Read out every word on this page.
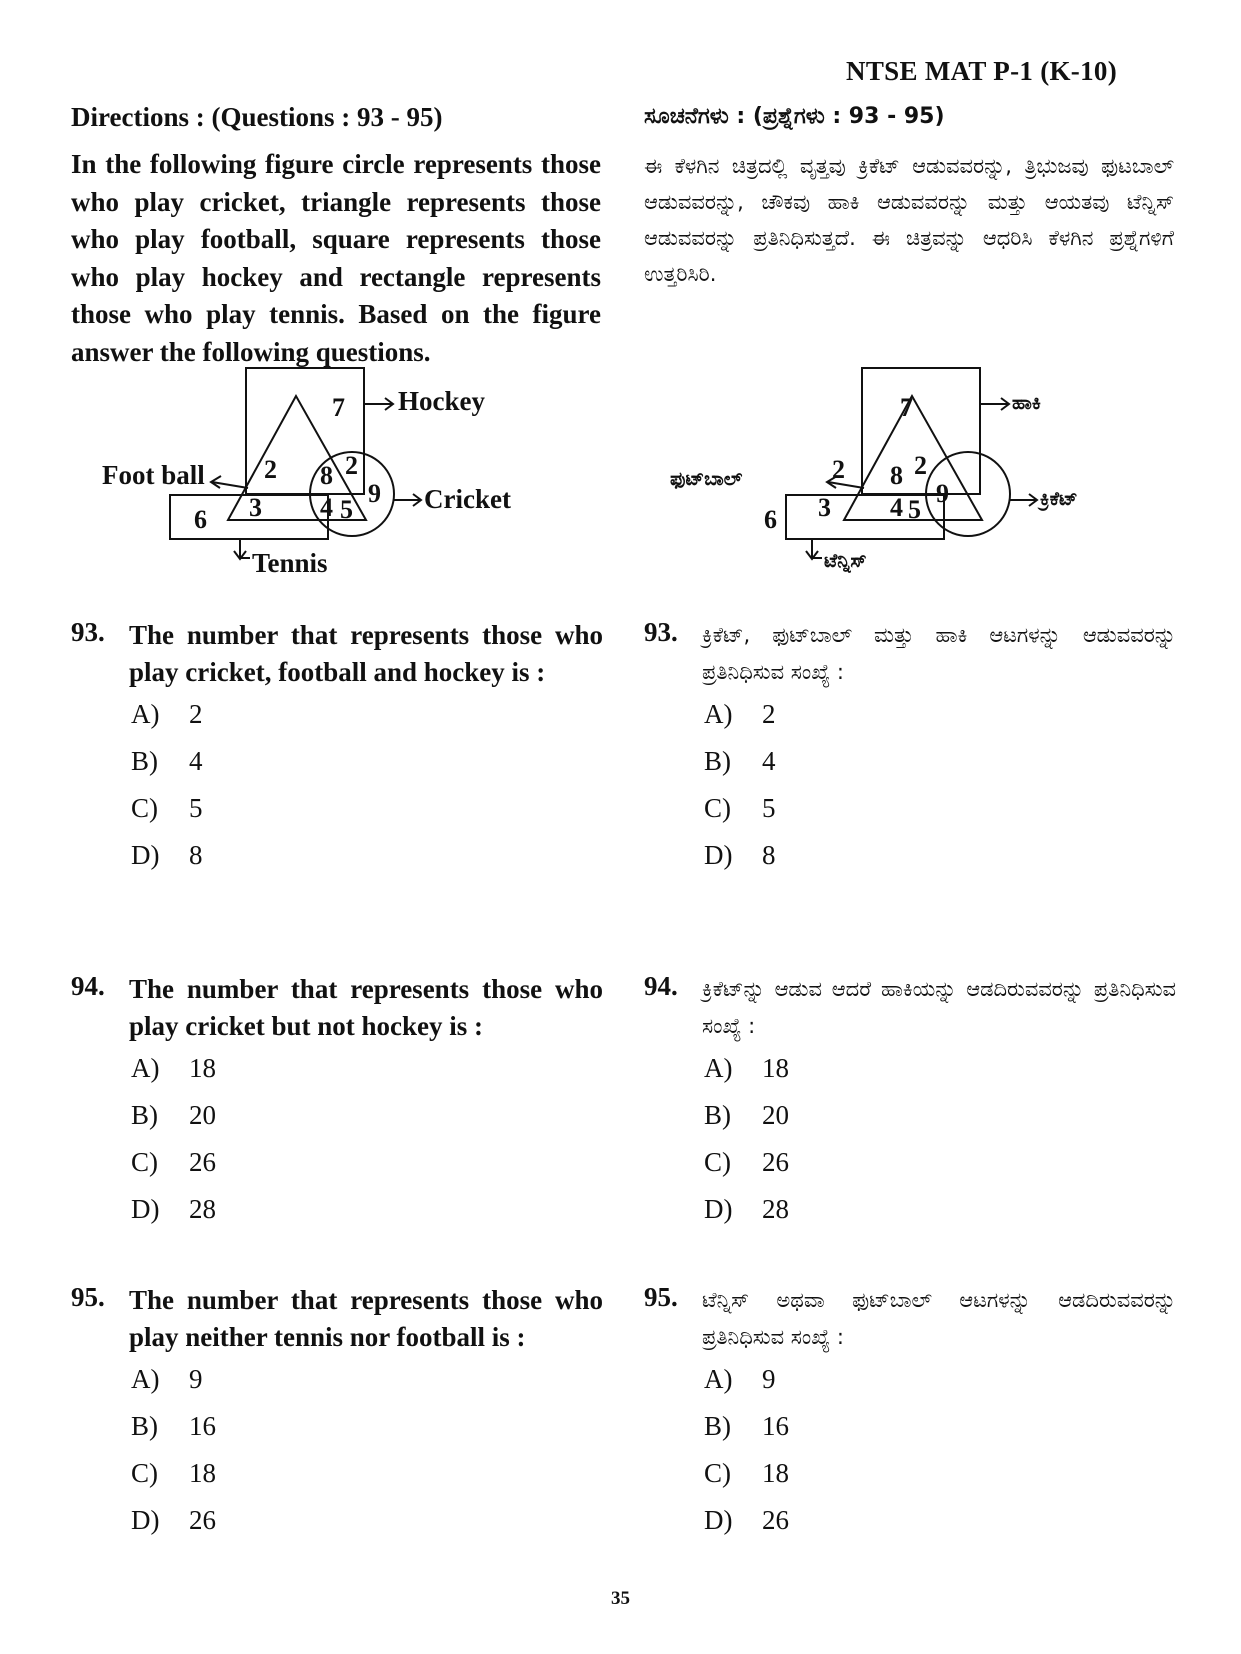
NTSE MAT P-1 (K-10)

Directions : (Questions : 93 - 95)

In the following figure circle represents those who play cricket, triangle represents those who play football, square represents those who play hockey and rectangle represents those who play tennis. Based on the figure answer the following questions.

7
2 8 2
3 4 5
9
6
Hockey
Foot ball
Cricket
Tennis
93. The number that represents those who play cricket, football and hockey is :
A) 2
B) 4
C) 5
D) 8
94. The number that represents those who play cricket but not hockey is :
A) 18
B) 20
C) 26
D) 28
95. The number that represents those who play neither tennis nor football is :
A) 9
B) 16
C) 18
D) 26

ಸೂಚನೆಗಳು : (ಪ್ರಶ್ನೆಗಳು : 93 - 95)

ಈ ಕೆಳಗಿನ ಚಿತ್ರದಲ್ಲಿ ವೃತ್ತವು ಕ್ರಿಕೆಟ್ ಆಡುವವರನ್ನು, ತ್ರಿಭುಜವು ಫುಟಬಾಲ್ ಆಡುವವರನ್ನು, ಚೌಕವು ಹಾಕಿ ಆಡುವವರನ್ನು ಮತ್ತು ಆಯತವು ಟೆನ್ನಿಸ್ ಆಡುವವರನ್ನು ಪ್ರತಿನಿಧಿಸುತ್ತದೆ. ಈ ಚಿತ್ರವನ್ನು ಆಧರಿಸಿ ಕೆಳಗಿನ ಪ್ರಶ್ನೆಗಳಿಗೆ ಉತ್ತರಿಸಿರಿ.

7
2 8 2
3 4 5
9
6
ಹಾಕಿ
ಫುಟ್‌ಬಾಲ್
ಕ್ರಿಕೆಟ್
ಟೆನ್ನಿಸ್
93. ಕ್ರಿಕೆಟ್, ಫುಟ್‌ಬಾಲ್ ಮತ್ತು ಹಾಕಿ ಆಟಗಳನ್ನು ಆಡುವವರನ್ನು ಪ್ರತಿನಿಧಿಸುವ ಸಂಖ್ಯೆ :
A) 2
B) 4
C) 5
D) 8
94. ಕ್ರಿಕೆಟ್‌ನ್ನು ಆಡುವ ಆದರೆ ಹಾಕಿಯನ್ನು ಆಡದಿರುವವರನ್ನು ಪ್ರತಿನಿಧಿಸುವ ಸಂಖ್ಯೆ :
A) 18
B) 20
C) 26
D) 28
95. ಟೆನ್ನಿಸ್ ಅಥವಾ ಫುಟ್‌ಬಾಲ್ ಆಟಗಳನ್ನು ಆಡದಿರುವವರನ್ನು ಪ್ರತಿನಿಧಿಸುವ ಸಂಖ್ಯೆ :
A) 9
B) 16
C) 18
D) 26
35
